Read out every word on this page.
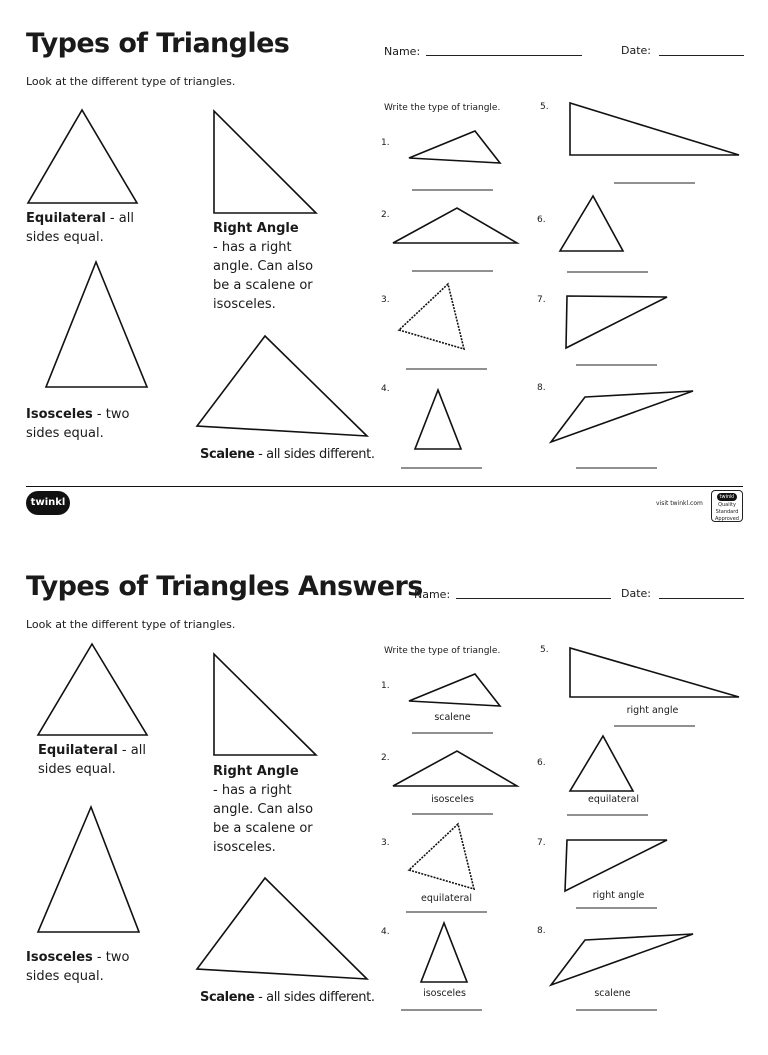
Types of Triangles	Name:	Date:
Look at the different type of triangles.
Write the type of triangle.
1.
2.
3.
4.
5.
6.
7.
8.
Equilateral - all sides equal.
Right Angle
- has a right angle. Can also be a scalene or isosceles.
Isosceles - two sides equal.
Scalene - all sides different.
twinkl	visit twinkl.com
twinkl
Quality Standard Approved
Types of Triangles Answers
Name:	Date:
Look at the different type of triangles.
Write the type of triangle.
1.
2.
3.
4.
5.
6.
7.
8.
scalene
isosceles
equilateral
isosceles
right angle
equilateral
right angle
scalene
Equilateral - all sides equal.	Right Angle
- has a right angle. Can also be a scalene or isosceles.
Isosceles - two sides equal.
Scalene - all sides different.
